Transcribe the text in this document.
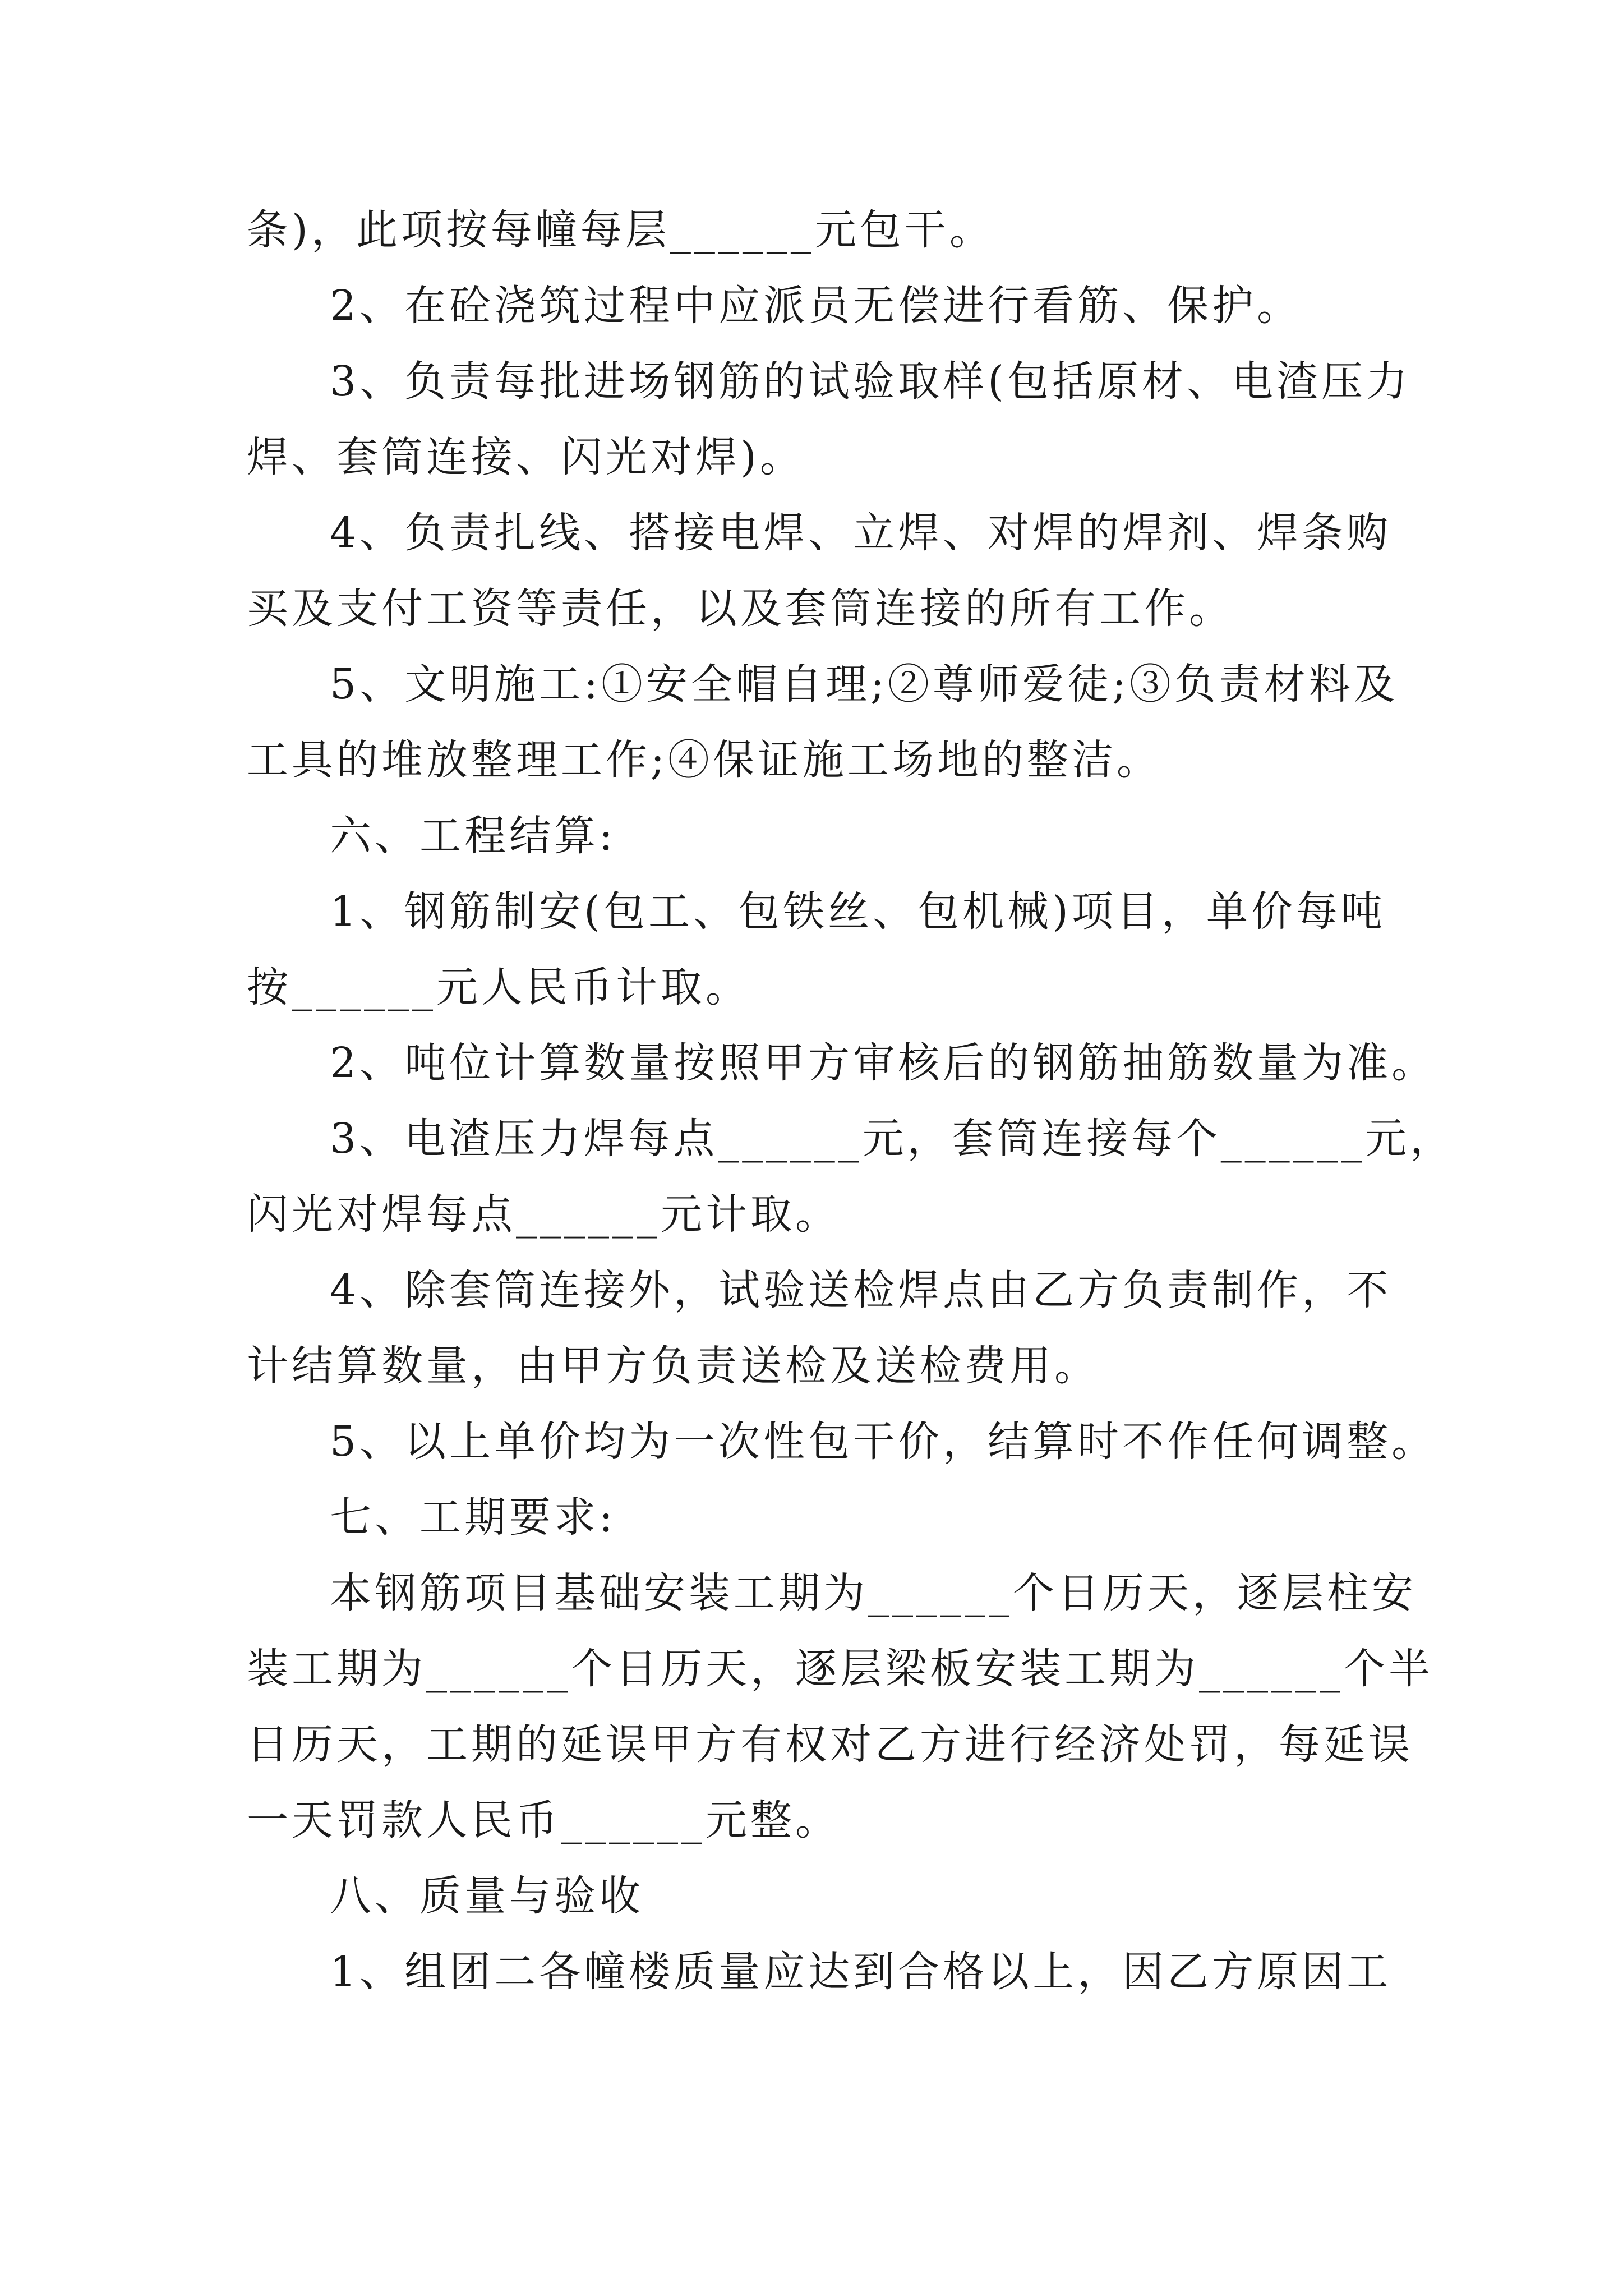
条)，此项按每幢每层______元包干。
2、在砼浇筑过程中应派员无偿进行看筋、保护。
3、负责每批进场钢筋的试验取样(包括原材、电渣压力
焊、套筒连接、闪光对焊)。
4、负责扎线、搭接电焊、立焊、对焊的焊剂、焊条购
买及支付工资等责任，以及套筒连接的所有工作。
5、文明施工:①安全帽自理;②尊师爱徒;③负责材料及
工具的堆放整理工作;④保证施工场地的整洁。
六、工程结算:
1、钢筋制安(包工、包铁丝、包机械)项目，单价每吨
按______元人民币计取。
2、吨位计算数量按照甲方审核后的钢筋抽筋数量为准。
3、电渣压力焊每点______元，套筒连接每个______元，
闪光对焊每点______元计取。
4、除套筒连接外，试验送检焊点由乙方负责制作，不
计结算数量，由甲方负责送检及送检费用。
5、以上单价均为一次性包干价，结算时不作任何调整。
七、工期要求:
本钢筋项目基础安装工期为______个日历天，逐层柱安
装工期为______个日历天，逐层梁板安装工期为______个半
日历天，工期的延误甲方有权对乙方进行经济处罚，每延误
一天罚款人民币______元整。
八、质量与验收
1、组团二各幢楼质量应达到合格以上，因乙方原因工
